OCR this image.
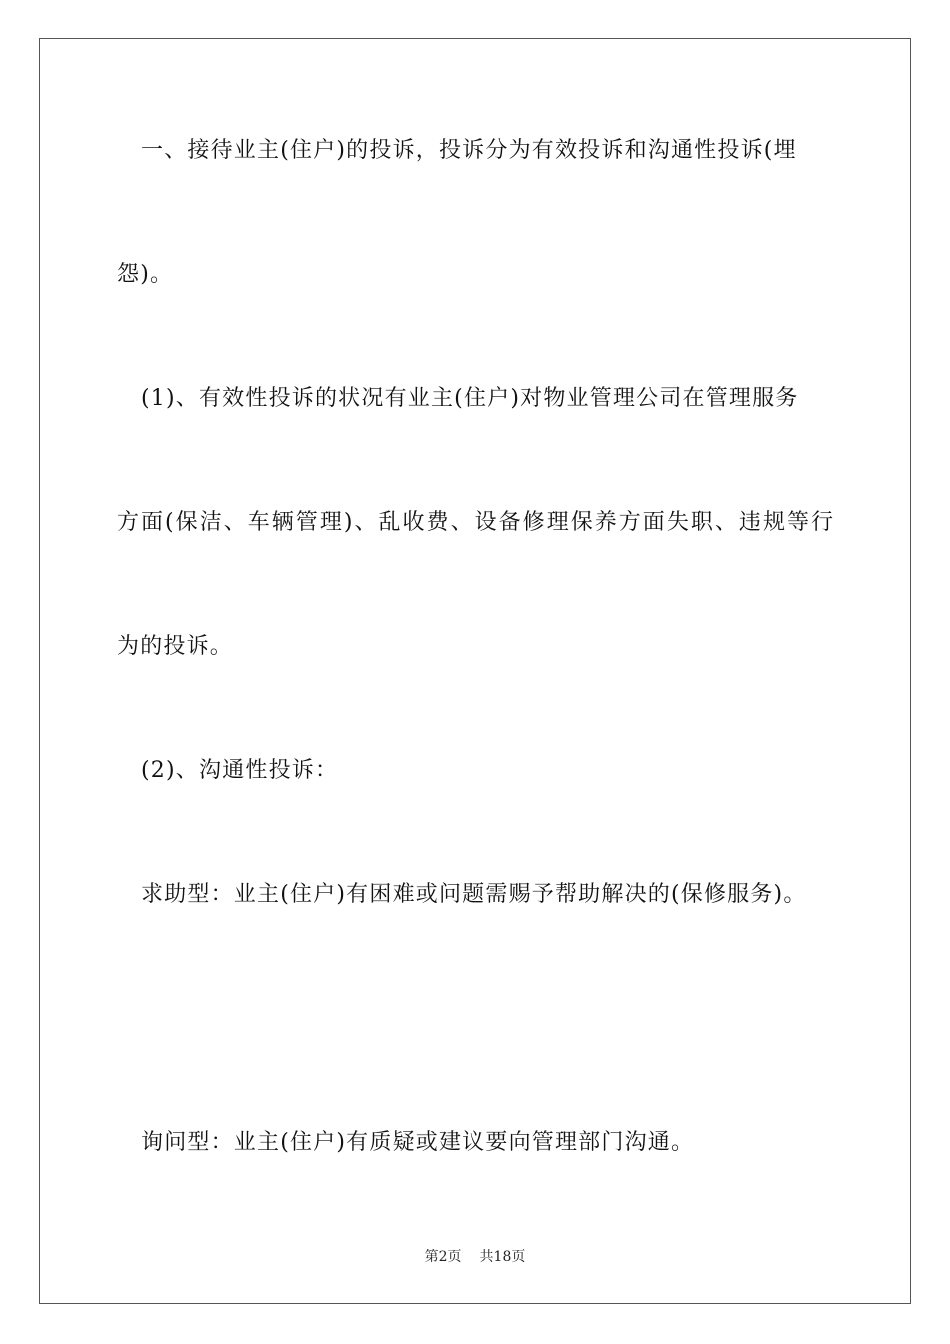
一、接待业主(住户)的投诉，投诉分为有效投诉和沟通性投诉(埋
怨)。
(1)、有效性投诉的状况有业主(住户)对物业管理公司在管理服务
方面(保洁、车辆管理)、乱收费、设备修理保养方面失职、违规等行
为的投诉。
(2)、沟通性投诉：
求助型：业主(住户)有困难或问题需赐予帮助解决的(保修服务)。
询问型：业主(住户)有质疑或建议要向管理部门沟通。
第2页 共18页
